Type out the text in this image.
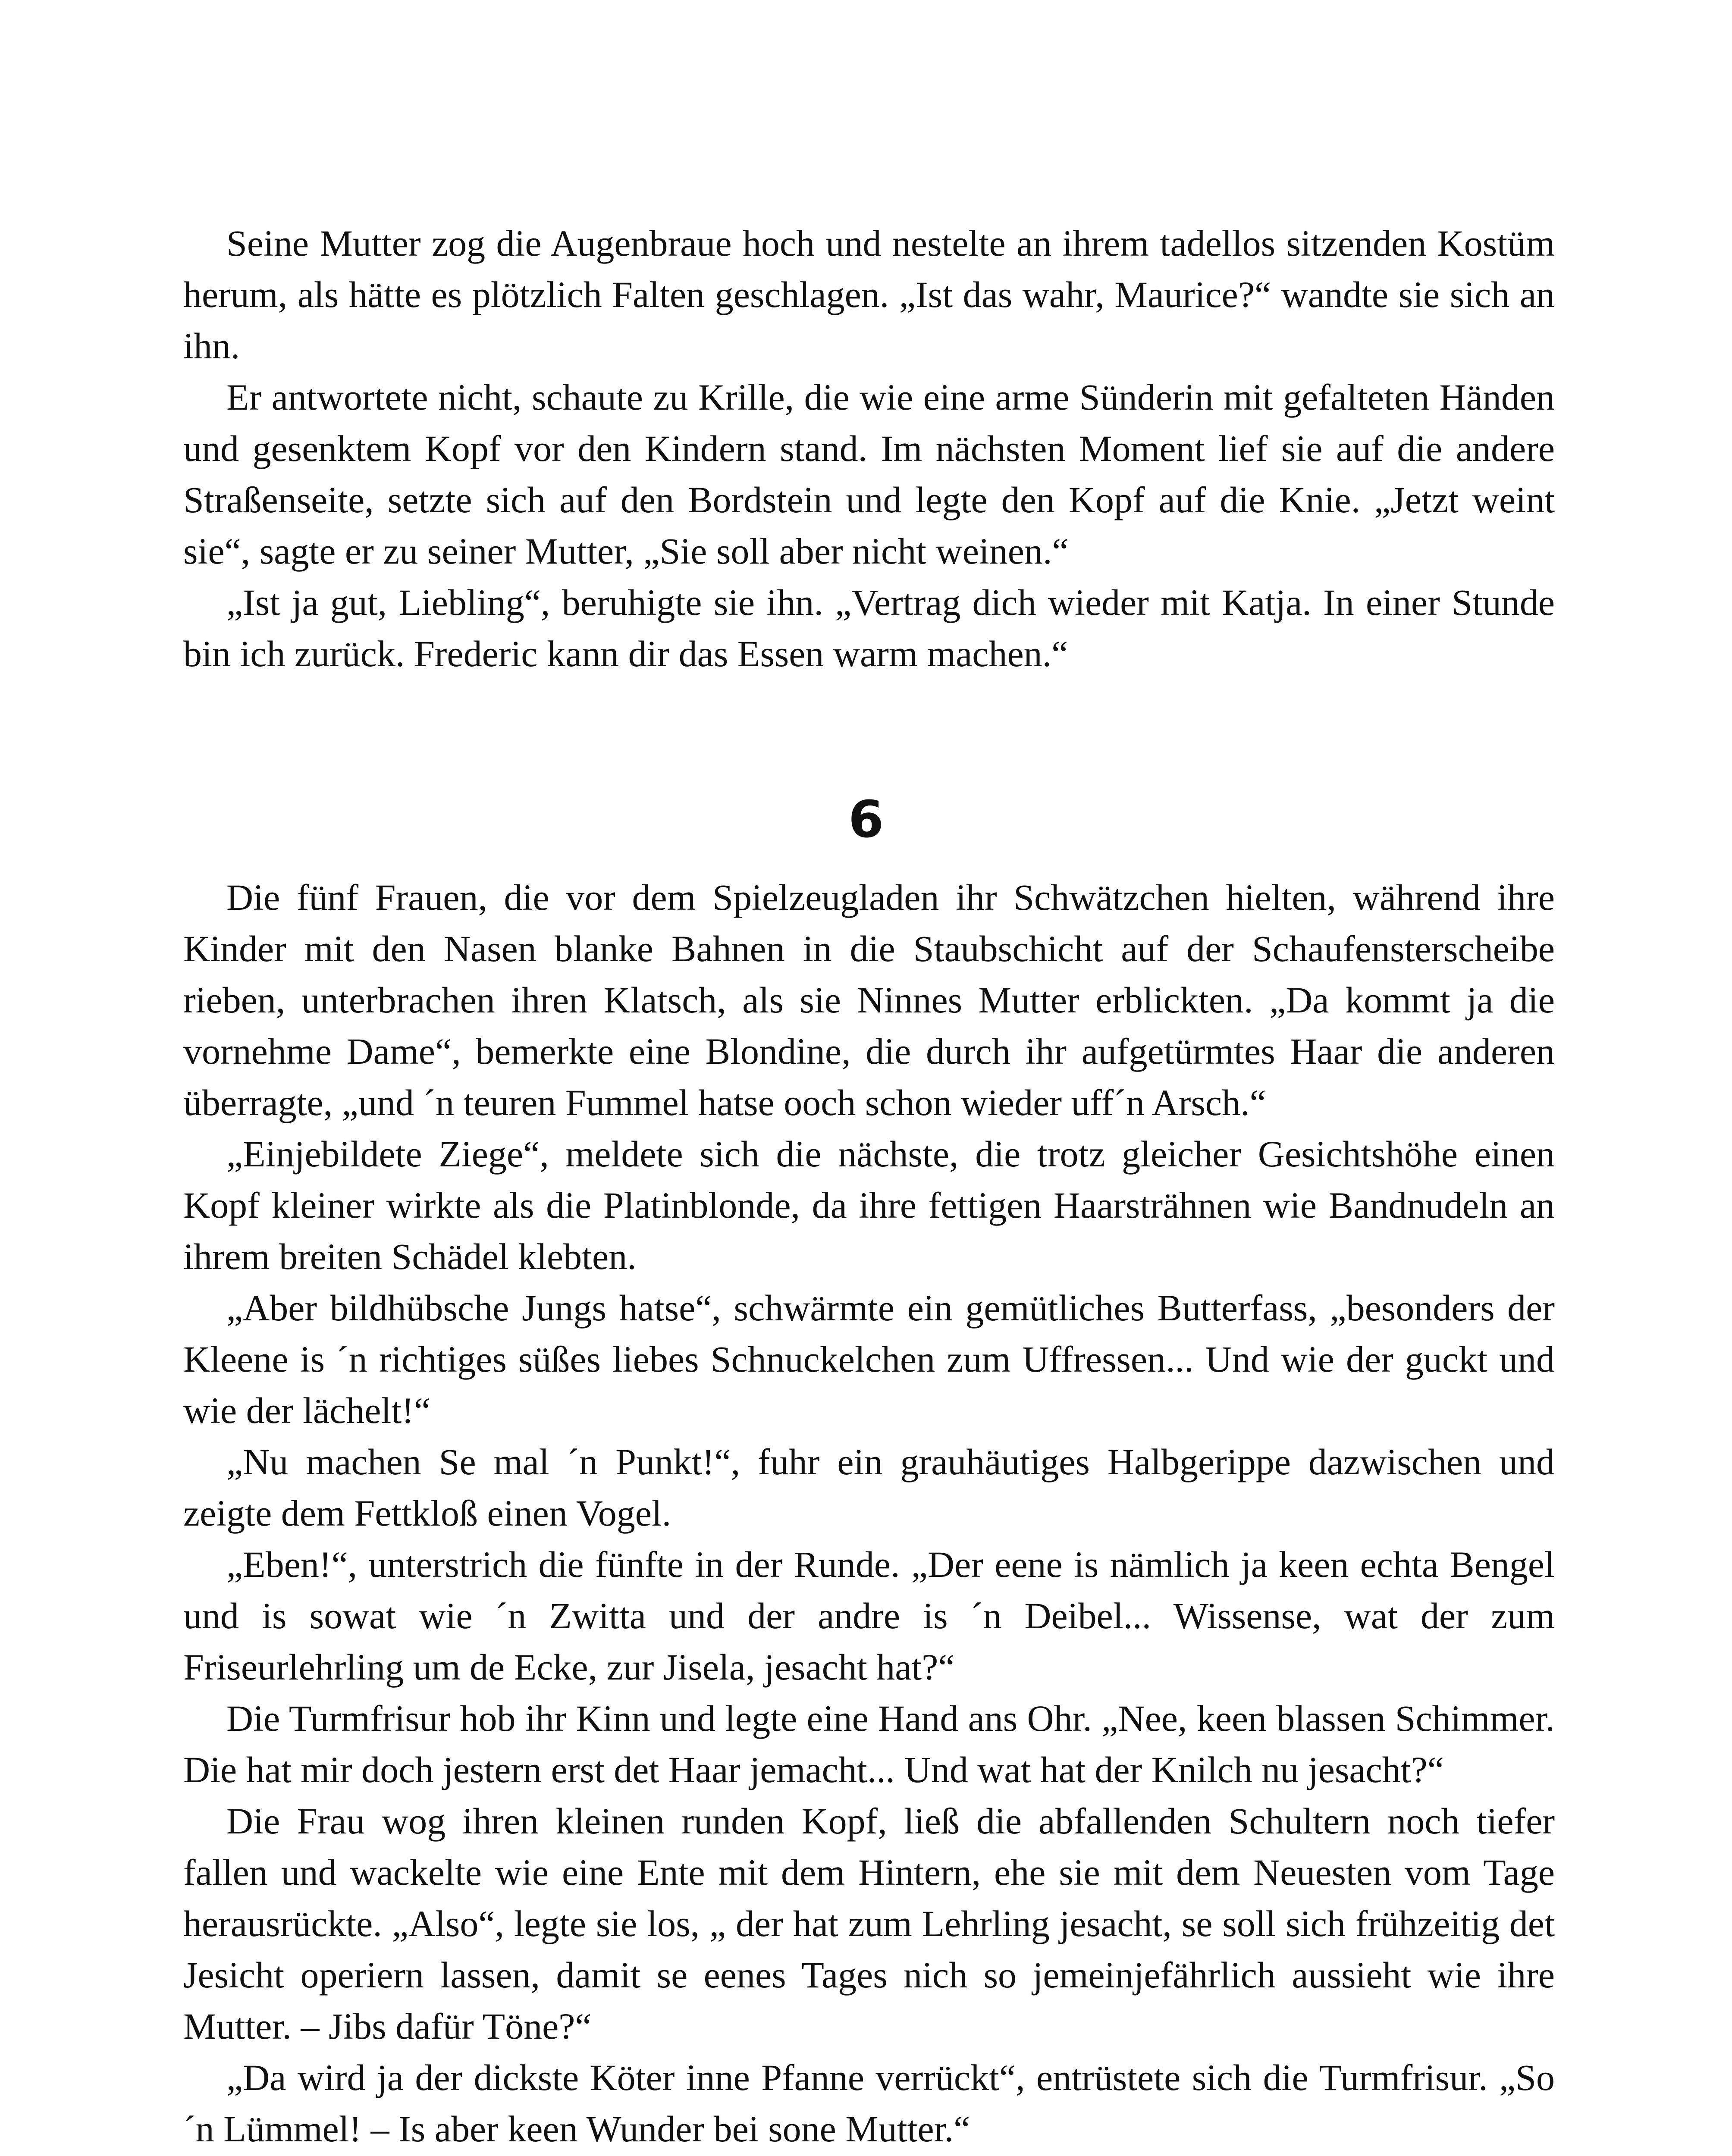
Seine Mutter zog die Augenbraue hoch und nestelte an ihrem tadellos sitzenden Kostüm herum, als hätte es plötzlich Falten geschlagen. „Ist das wahr, Maurice?“ wandte sie sich an ihn.

Er antwortete nicht, schaute zu Krille, die wie eine arme Sünderin mit gefalteten Händen und gesenktem Kopf vor den Kindern stand. Im nächsten Moment lief sie auf die andere Straßenseite, setzte sich auf den Bordstein und legte den Kopf auf die Knie. „Jetzt weint sie“, sagte er zu seiner Mutter, „Sie soll aber nicht weinen.“

„Ist ja gut, Liebling“, beruhigte sie ihn. „Vertrag dich wieder mit Katja. In einer Stunde bin ich zurück. Frederic kann dir das Essen warm machen.“

6

Die fünf Frauen, die vor dem Spielzeugladen ihr Schwätzchen hielten, während ihre Kinder mit den Nasen blanke Bahnen in die Staubschicht auf der Schaufensterscheibe rieben, unterbrachen ihren Klatsch, als sie Ninnes Mutter erblickten. „Da kommt ja die vornehme Dame“, bemerkte eine Blondine, die durch ihr aufgetürmtes Haar die anderen überragte, „und ´n teuren Fummel hatse ooch schon wieder uff´n Arsch.“

„Einjebildete Ziege“, meldete sich die nächste, die trotz gleicher Gesichtshöhe einen Kopf kleiner wirkte als die Platinblonde, da ihre fettigen Haarsträhnen wie Bandnudeln an ihrem breiten Schädel klebten.

„Aber bildhübsche Jungs hatse“, schwärmte ein gemütliches Butterfass, „besonders der Kleene is ´n richtiges süßes liebes Schnuckelchen zum Uffressen... Und wie der guckt und wie der lächelt!“

„Nu machen Se mal ´n Punkt!“, fuhr ein grauhäutiges Halbgerippe dazwischen und zeigte dem Fettkloß einen Vogel.

„Eben!“, unterstrich die fünfte in der Runde. „Der eene is nämlich ja keen echta Bengel und is sowat wie ´n Zwitta und der andre is ´n Deibel... Wissense, wat der zum Friseurlehrling um de Ecke, zur Jisela, jesacht hat?“

Die Turmfrisur hob ihr Kinn und legte eine Hand ans Ohr. „Nee, keen blassen Schimmer. Die hat mir doch jestern erst det Haar jemacht... Und wat hat der Knilch nu jesacht?“

Die Frau wog ihren kleinen runden Kopf, ließ die abfallenden Schultern noch tiefer fallen und wackelte wie eine Ente mit dem Hintern, ehe sie mit dem Neuesten vom Tage herausrückte. „Also“, legte sie los, „ der hat zum Lehrling jesacht, se soll sich frühzeitig det Jesicht operiern lassen, damit se eenes Tages nich so jemeinjefährlich aussieht wie ihre Mutter. – Jibs dafür Töne?“

„Da wird ja der dickste Köter inne Pfanne verrückt“, entrüstete sich die Turmfrisur. „So ´n Lümmel! – Is aber keen Wunder bei sone Mutter.“
